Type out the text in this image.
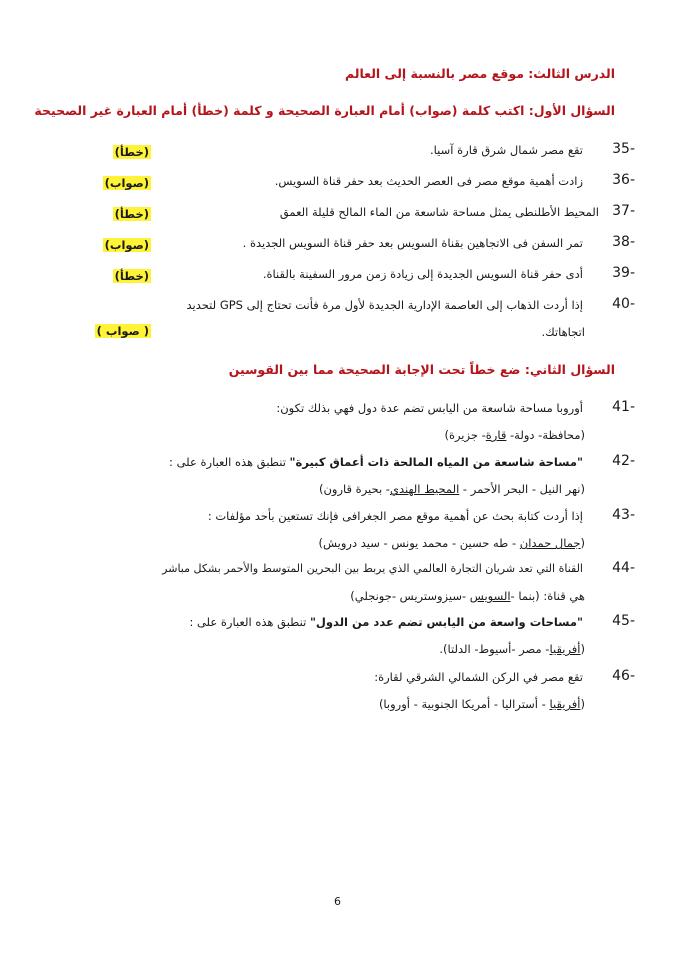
الدرس الثالث: موقع مصر بالنسبة إلى العالم
السؤال الأول: اكتب كلمة (صواب) أمام العبارة الصحيحة و كلمة (خطأ) أمام العبارة غير الصحيحة
35-
تقع مصر شمال شرق قارة آسيا.
(خطأ)
36-
زادت أهمية موقع مصر فى العصر الحديث بعد حفر قناة السويس.
(صواب)
37-
المحيط الأطلنطى يمثل مساحة شاسعة من الماء المالح قليلة العمق
(خطأ)
38-
تمر السفن فى الاتجاهين بقناة السويس بعد حفر قناة السويس الجديدة .
(صواب)
39-
أدى حفر قناة السويس الجديدة إلى زيادة زمن مرور السفينة بالقناة.
(خطأ)
40-
إذا أردت الذهاب إلى العاصمة الإدارية الجديدة لأول مرة فأنت تحتاج إلى GPS لتحديد
اتجاهاتك.
( صواب )
السؤال الثاني: ضع خطاً تحت الإجابة الصحيحة مما بين القوسين
41-
أوروبا مساحة شاسعة من اليابس تضم عدة دول فهي بذلك تكون:
(محافظة- دولة- قارة- جزيرة)
42-
"مساحة شاسعة من المياه المالحة ذات أعماق كبيرة" تنطبق هذه العبارة على :
(نهر النيل - البحر الأحمر - المحيط الهندي- بحيرة قارون)
43-
إذا أردت كتابة بحث عن أهمية موقع مصر الجغرافى فإنك تستعين بأحد مؤلفات :
(جمال حمدان - طه حسين - محمد يونس - سيد درويش)
44-
القناة التي تعد شريان التجارة العالمي الذي يربط بين البحرين المتوسط والأحمر بشكل مباشر
هي قناة: (بنما -السويس -سيزوستريس -جونجلي)
45-
"مساحات واسعة من اليابس تضم عدد من الدول" تنطبق هذه العبارة على :
(أفريقيا- مصر -أسيوط- الدلتا).
46-
تقع مصر في الركن الشمالي الشرقي لقارة:
(أفريقيا - أستراليا - أمريكا الجنوبية - أوروبا)
6
